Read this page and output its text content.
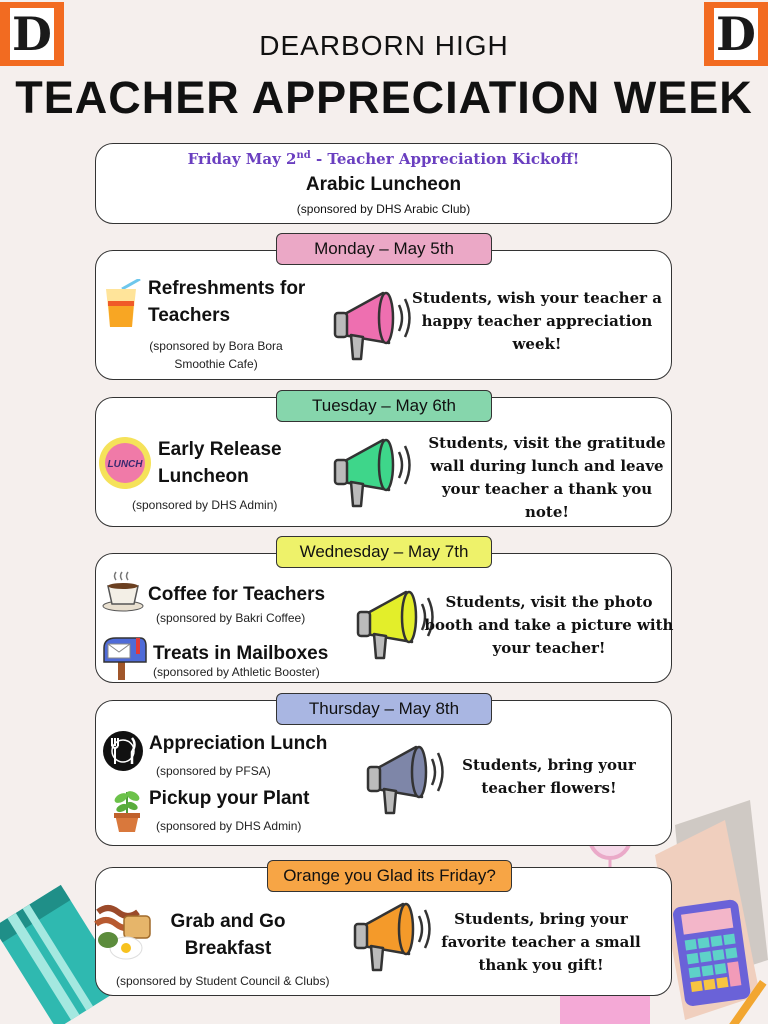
D	D
DEARBORN HIGH
TEACHER APPRECIATION WEEK
Friday May 2nd - Teacher Appreciation Kickoff!
Arabic Luncheon
(sponsored by DHS Arabic Club)
Monday – May 5th
Refreshments for Teachers
(sponsored by Bora Bora Smoothie Cafe)
Students, wish your teacher a happy teacher appreciation week!
Tuesday – May 6th
LUNCH
Early Release Luncheon
(sponsored by DHS Admin)
Students, visit the gratitude wall during lunch and leave your teacher a thank you note!
Wednesday – May 7th
Coffee for Teachers
(sponsored by Bakri Coffee)
Treats in Mailboxes
(sponsored by Athletic Booster)
Students, visit the photo booth and take a picture with your teacher!
Thursday – May 8th
Appreciation Lunch
(sponsored by PFSA)
Pickup your Plant
(sponsored by DHS Admin)
Students, bring your teacher flowers!
Orange you Glad its Friday?
Grab and Go Breakfast
(sponsored by Student Council & Clubs)
Students, bring your favorite teacher a small thank you gift!
